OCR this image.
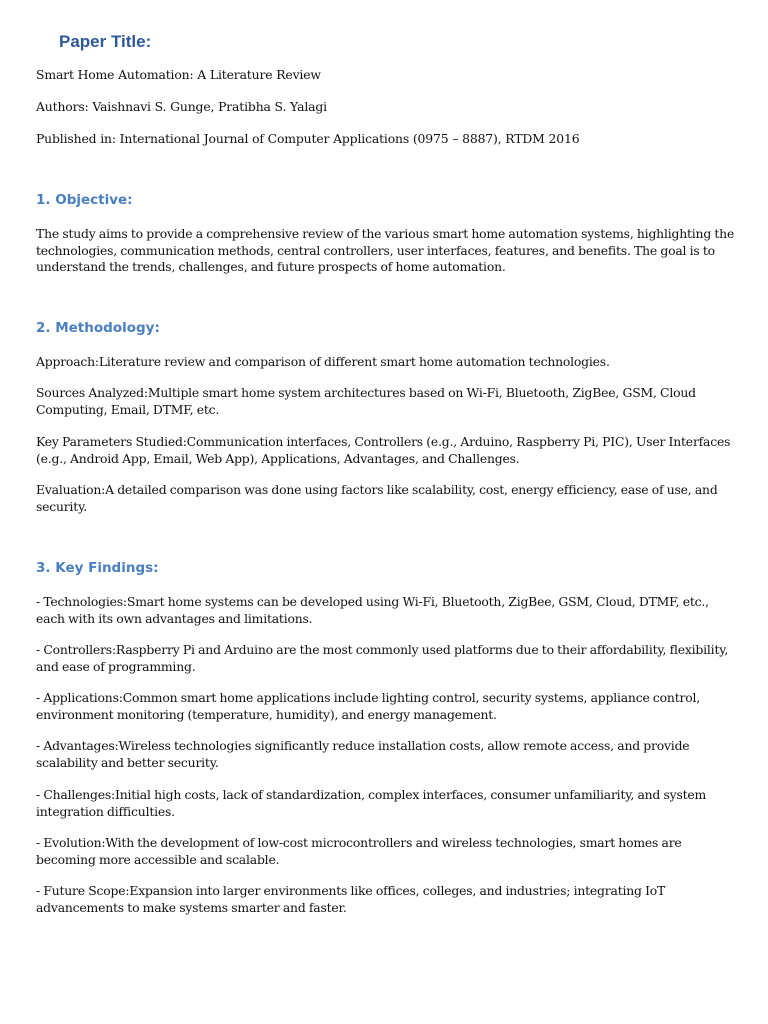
Paper Title:
Smart Home Automation: A Literature Review
Authors: Vaishnavi S. Gunge, Pratibha S. Yalagi
Published in: International Journal of Computer Applications (0975 – 8887), RTDM 2016
1. Objective:
The study aims to provide a comprehensive review of the various smart home automation systems, highlighting the technologies, communication methods, central controllers, user interfaces, features, and benefits. The goal is to understand the trends, challenges, and future prospects of home automation.
2. Methodology:
Approach:Literature review and comparison of different smart home automation technologies.
Sources Analyzed:Multiple smart home system architectures based on Wi-Fi, Bluetooth, ZigBee, GSM, Cloud Computing, Email, DTMF, etc.
Key Parameters Studied:Communication interfaces, Controllers (e.g., Arduino, Raspberry Pi, PIC), User Interfaces (e.g., Android App, Email, Web App), Applications, Advantages, and Challenges.
Evaluation:A detailed comparison was done using factors like scalability, cost, energy efficiency, ease of use, and security.
3. Key Findings:
- Technologies:Smart home systems can be developed using Wi-Fi, Bluetooth, ZigBee, GSM, Cloud, DTMF, etc., each with its own advantages and limitations.
- Controllers:Raspberry Pi and Arduino are the most commonly used platforms due to their affordability, flexibility, and ease of programming.
- Applications:Common smart home applications include lighting control, security systems, appliance control, environment monitoring (temperature, humidity), and energy management.
- Advantages:Wireless technologies significantly reduce installation costs, allow remote access, and provide scalability and better security.
- Challenges:Initial high costs, lack of standardization, complex interfaces, consumer unfamiliarity, and system integration difficulties.
- Evolution:With the development of low-cost microcontrollers and wireless technologies, smart homes are becoming more accessible and scalable.
- Future Scope:Expansion into larger environments like offices, colleges, and industries; integrating IoT advancements to make systems smarter and faster.
